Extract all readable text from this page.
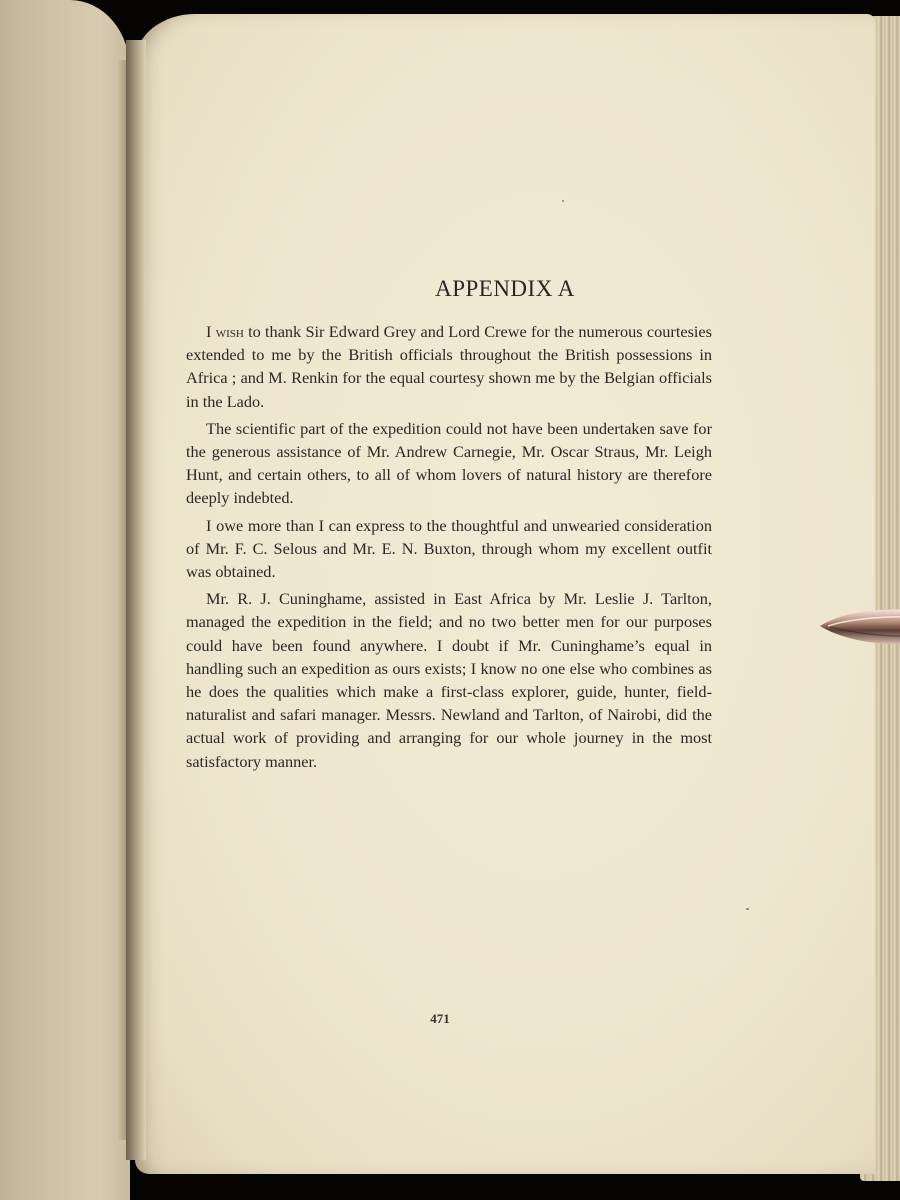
APPENDIX A

I wish to thank Sir Edward Grey and Lord Crewe for the numerous courtesies extended to me by the British officials throughout the British possessions in Africa ; and M. Renkin for the equal courtesy shown me by the Belgian officials in the Lado.

The scientific part of the expedition could not have been undertaken save for the generous assistance of Mr. Andrew Carnegie, Mr. Oscar Straus, Mr. Leigh Hunt, and certain others, to all of whom lovers of natural history are therefore deeply indebted.

I owe more than I can express to the thoughtful and unwearied consideration of Mr. F. C. Selous and Mr. E. N. Buxton, through whom my excellent outfit was obtained.

Mr. R. J. Cuninghame, assisted in East Africa by Mr. Leslie J. Tarlton, managed the expedition in the field; and no two better men for our purposes could have been found anywhere. I doubt if Mr. Cuninghame’s equal in handling such an expedition as ours exists; I know no one else who combines as he does the qualities which make a first-class explorer, guide, hunter, field-naturalist and safari manager. Messrs. Newland and Tarlton, of Nairobi, did the actual work of providing and arranging for our whole journey in the most satisfactory manner.

471
